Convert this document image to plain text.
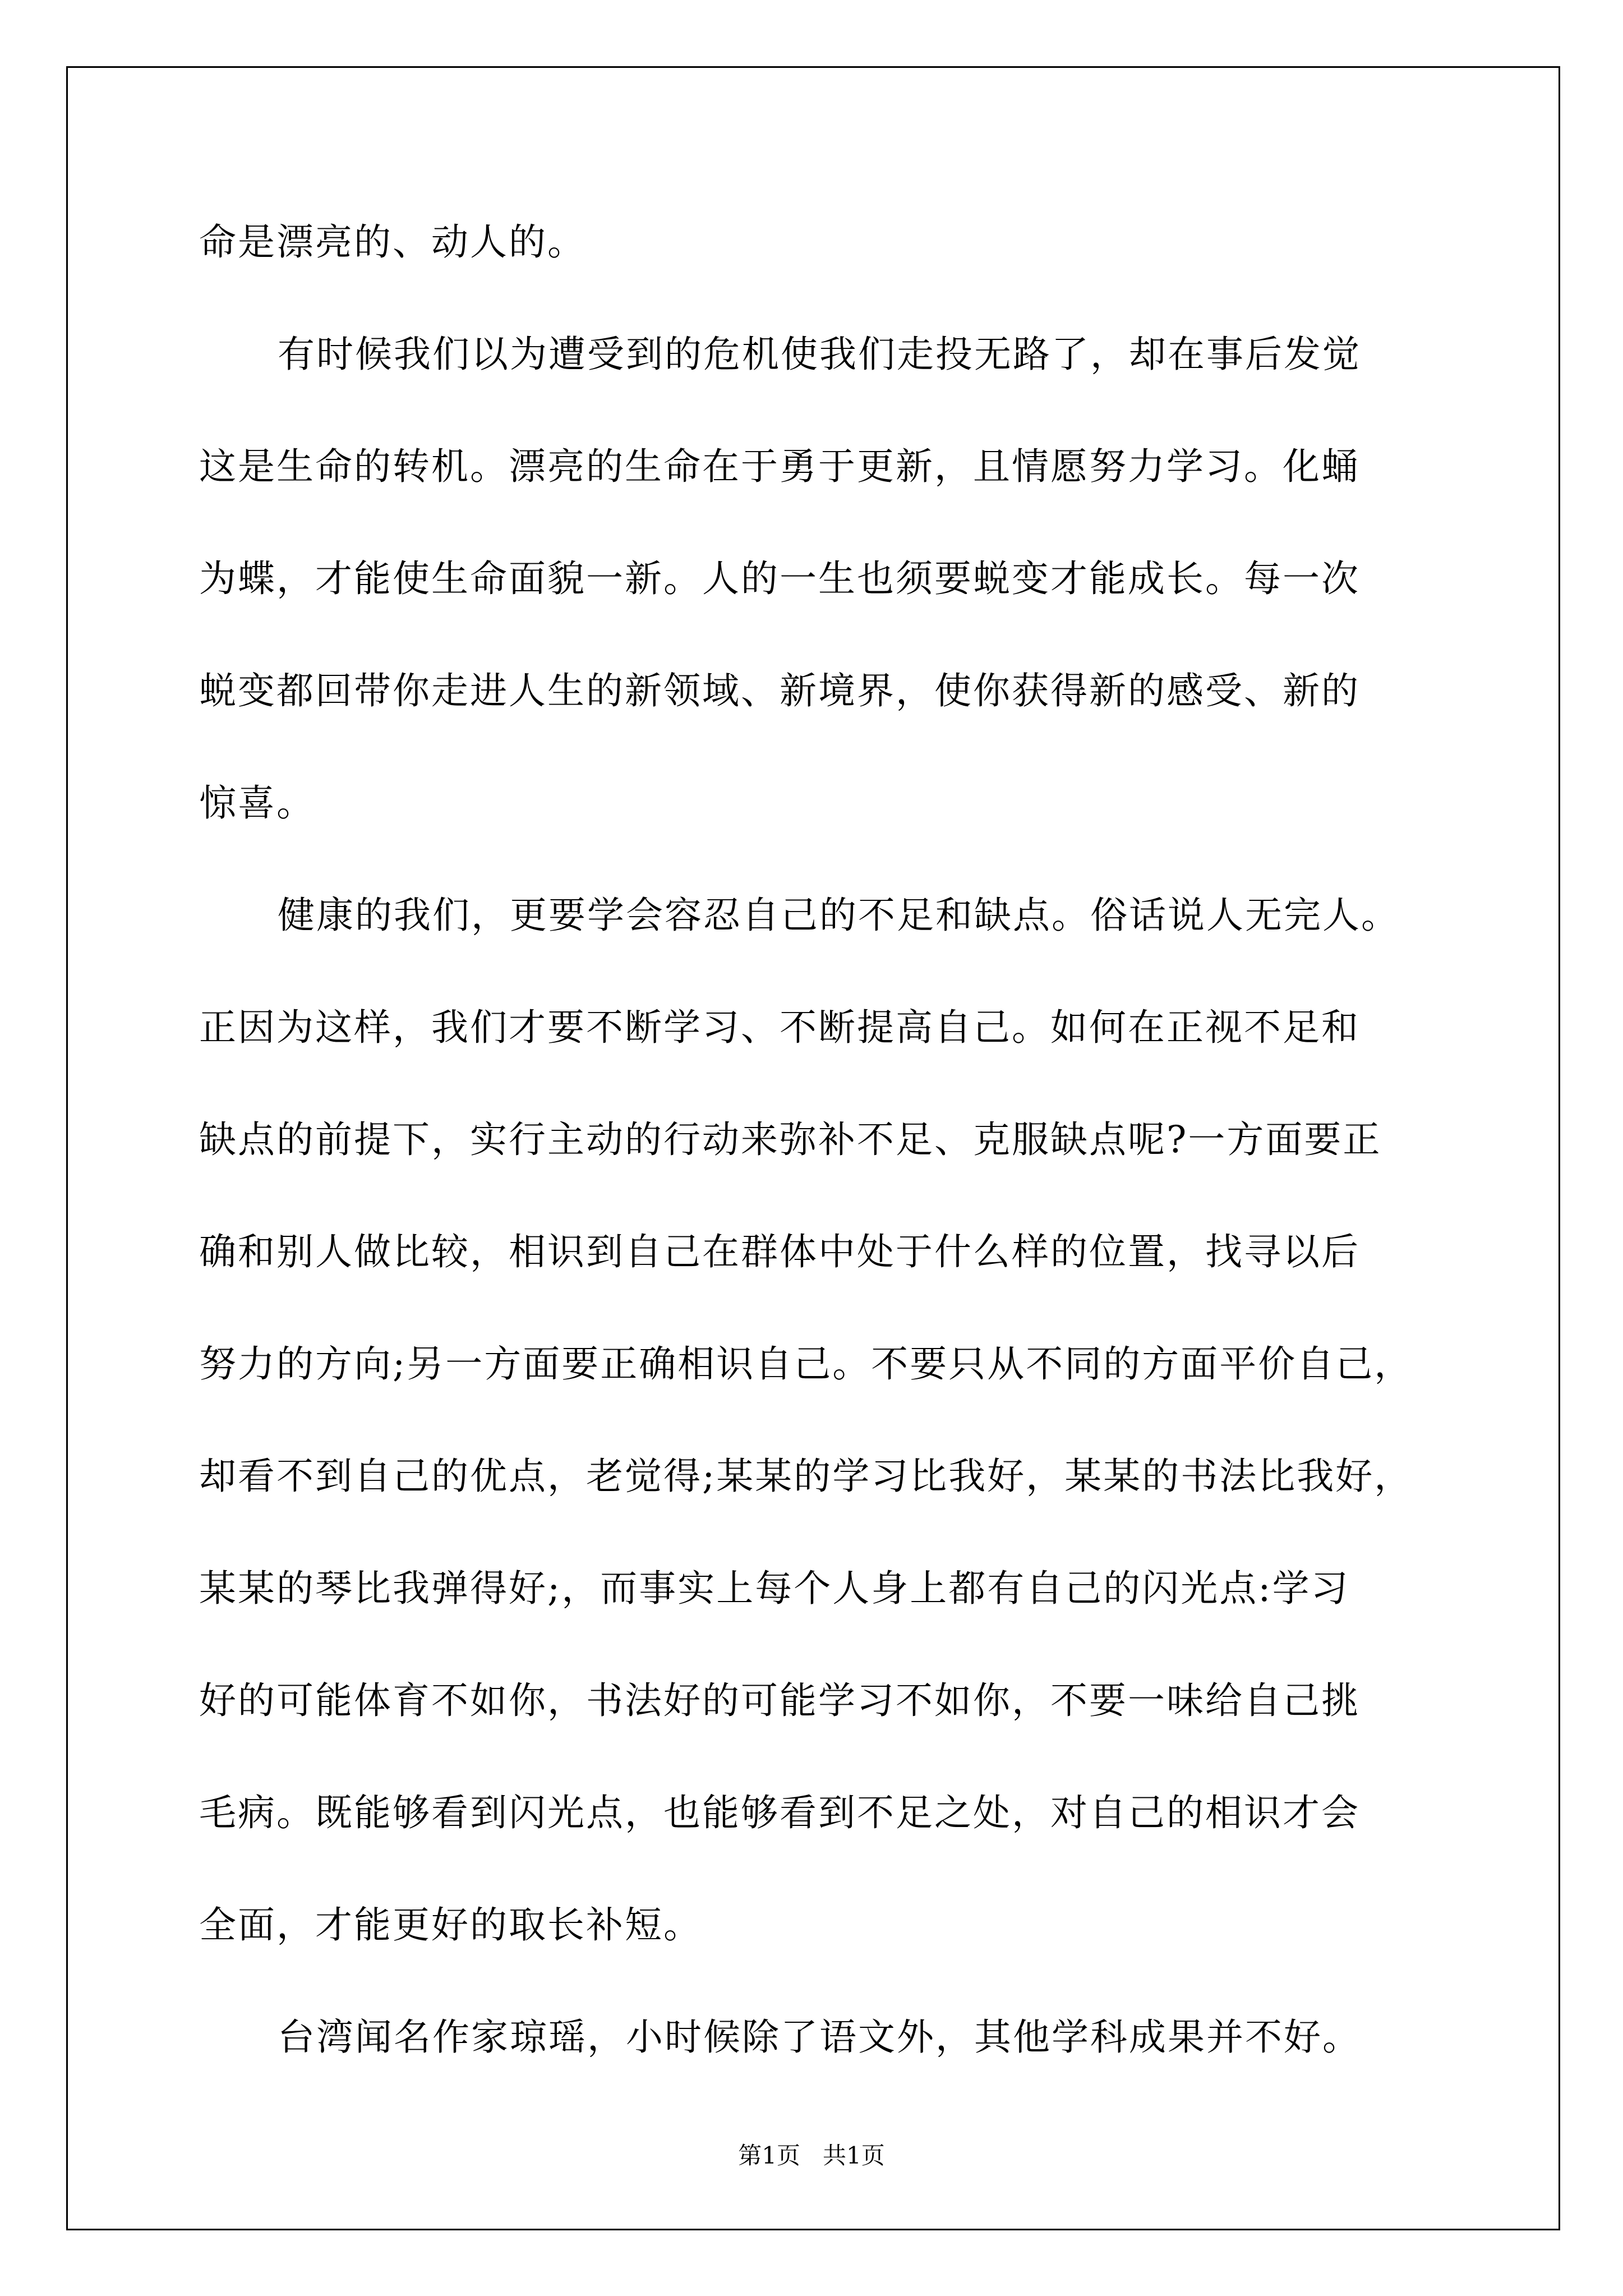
命是漂亮的、动人的。
有时候我们以为遭受到的危机使我们走投无路了，却在事后发觉
这是生命的转机。漂亮的生命在于勇于更新，且情愿努力学习。化蛹
为蝶，才能使生命面貌一新。人的一生也须要蜕变才能成长。每一次
蜕变都回带你走进人生的新领域、新境界，使你获得新的感受、新的
惊喜。
健康的我们，更要学会容忍自己的不足和缺点。俗话说人无完人。
正因为这样，我们才要不断学习、不断提高自己。如何在正视不足和
缺点的前提下，实行主动的行动来弥补不足、克服缺点呢?一方面要正
确和别人做比较，相识到自己在群体中处于什么样的位置，找寻以后
努力的方向;另一方面要正确相识自己。不要只从不同的方面平价自己，
却看不到自己的优点，老觉得;某某的学习比我好，某某的书法比我好，
某某的琴比我弹得好;，而事实上每个人身上都有自己的闪光点:学习
好的可能体育不如你，书法好的可能学习不如你，不要一味给自己挑
毛病。既能够看到闪光点，也能够看到不足之处，对自己的相识才会
全面，才能更好的取长补短。
台湾闻名作家琼瑶，小时候除了语文外，其他学科成果并不好。
第1页   共1页
